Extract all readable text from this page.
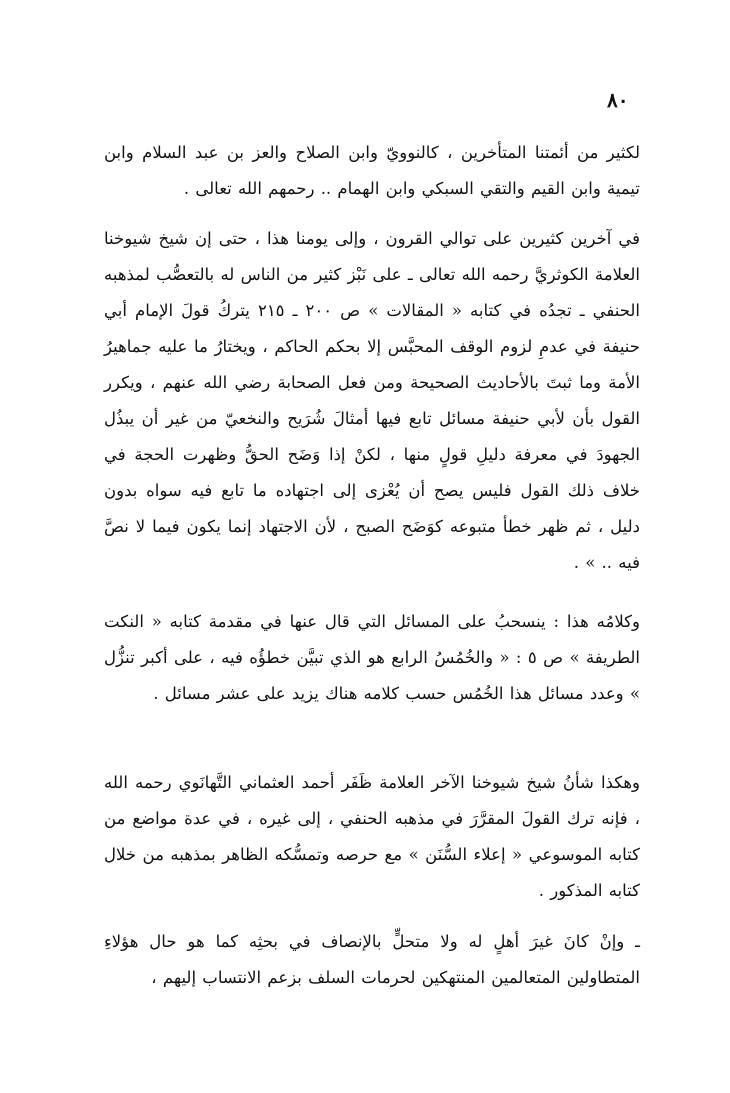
٨٠

لكثير من أئمتنا المتأخرين ، كالنوويّ وابن الصلاح والعز بن عبد السلام وابن تيمية وابن القيم والتقي السبكي وابن الهمام .. رحمهم الله تعالى .

في آخرين كثيرين على توالي القرون ، وإلى يومنا هذا ، حتى إن شيخ شيوخنا العلامة الكوثريَّ رحمه الله تعالى ـ على نَبْز كثير من الناس له بالتعصُّب لمذهبه الحنفي ـ تجدُه في كتابه « المقالات » ص ٢٠٠ ـ ٢١٥ يتركُ قولَ الإمام أبي حنيفة في عدمِ لزوم الوقف المحبَّس إلا بحكم الحاكم ، ويختارُ ما عليه جماهيرُ الأمة وما ثبتَ بالأحاديث الصحيحة ومن فعل الصحابة رضي الله عنهم ، ويكرر القول بأن لأبي حنيفة مسائل تابع فيها أمثالَ شُرَيح والنخعيّ من غير أن يبذُل الجهودَ في معرفة دليلِ قولٍ منها ، لكنْ إذا وَضَح الحقُّ وظهرت الحجة في خلاف ذلك القول فليس يصح أن يُعْزى إلى اجتهاده ما تابع فيه سواه بدون دليل ، ثم ظهر خطأ متبوعه كوَضَح الصبح ، لأن الاجتهاد إنما يكون فيما لا نصَّ فيه .. » .

وكلامُه هذا : ينسحبُ على المسائل التي قال عنها في مقدمة كتابه « النكت الطريفة » ص ٥ : « والخُمُسُ الرابع هو الذي تبيَّن خطؤُه فيه ، على أكبر تنزُّل » وعدد مسائل هذا الخُمُس حسب كلامه هناك يزيد على عشر مسائل .

وهكذا شأنُ شيخ شيوخنا الآخر العلامة ظَفَر أحمد العثماني التَّهانَوي رحمه الله ، فإنه ترك القولَ المقرَّرَ في مذهبه الحنفي ، إلى غيره ، في عدة مواضع من كتابه الموسوعي « إعلاء السُّنَن » مع حرصه وتمسُّكه الظاهر بمذهبه من خلال كتابه المذكور .

ـ وإنْ كانَ غيرَ أهلٍ له ولا متحلٍّ بالإنصاف في بحثِه كما هو حال هؤلاءِ المتطاولين المتعالمين المنتهكين لحرمات السلف بزعم الانتساب إليهم ،
